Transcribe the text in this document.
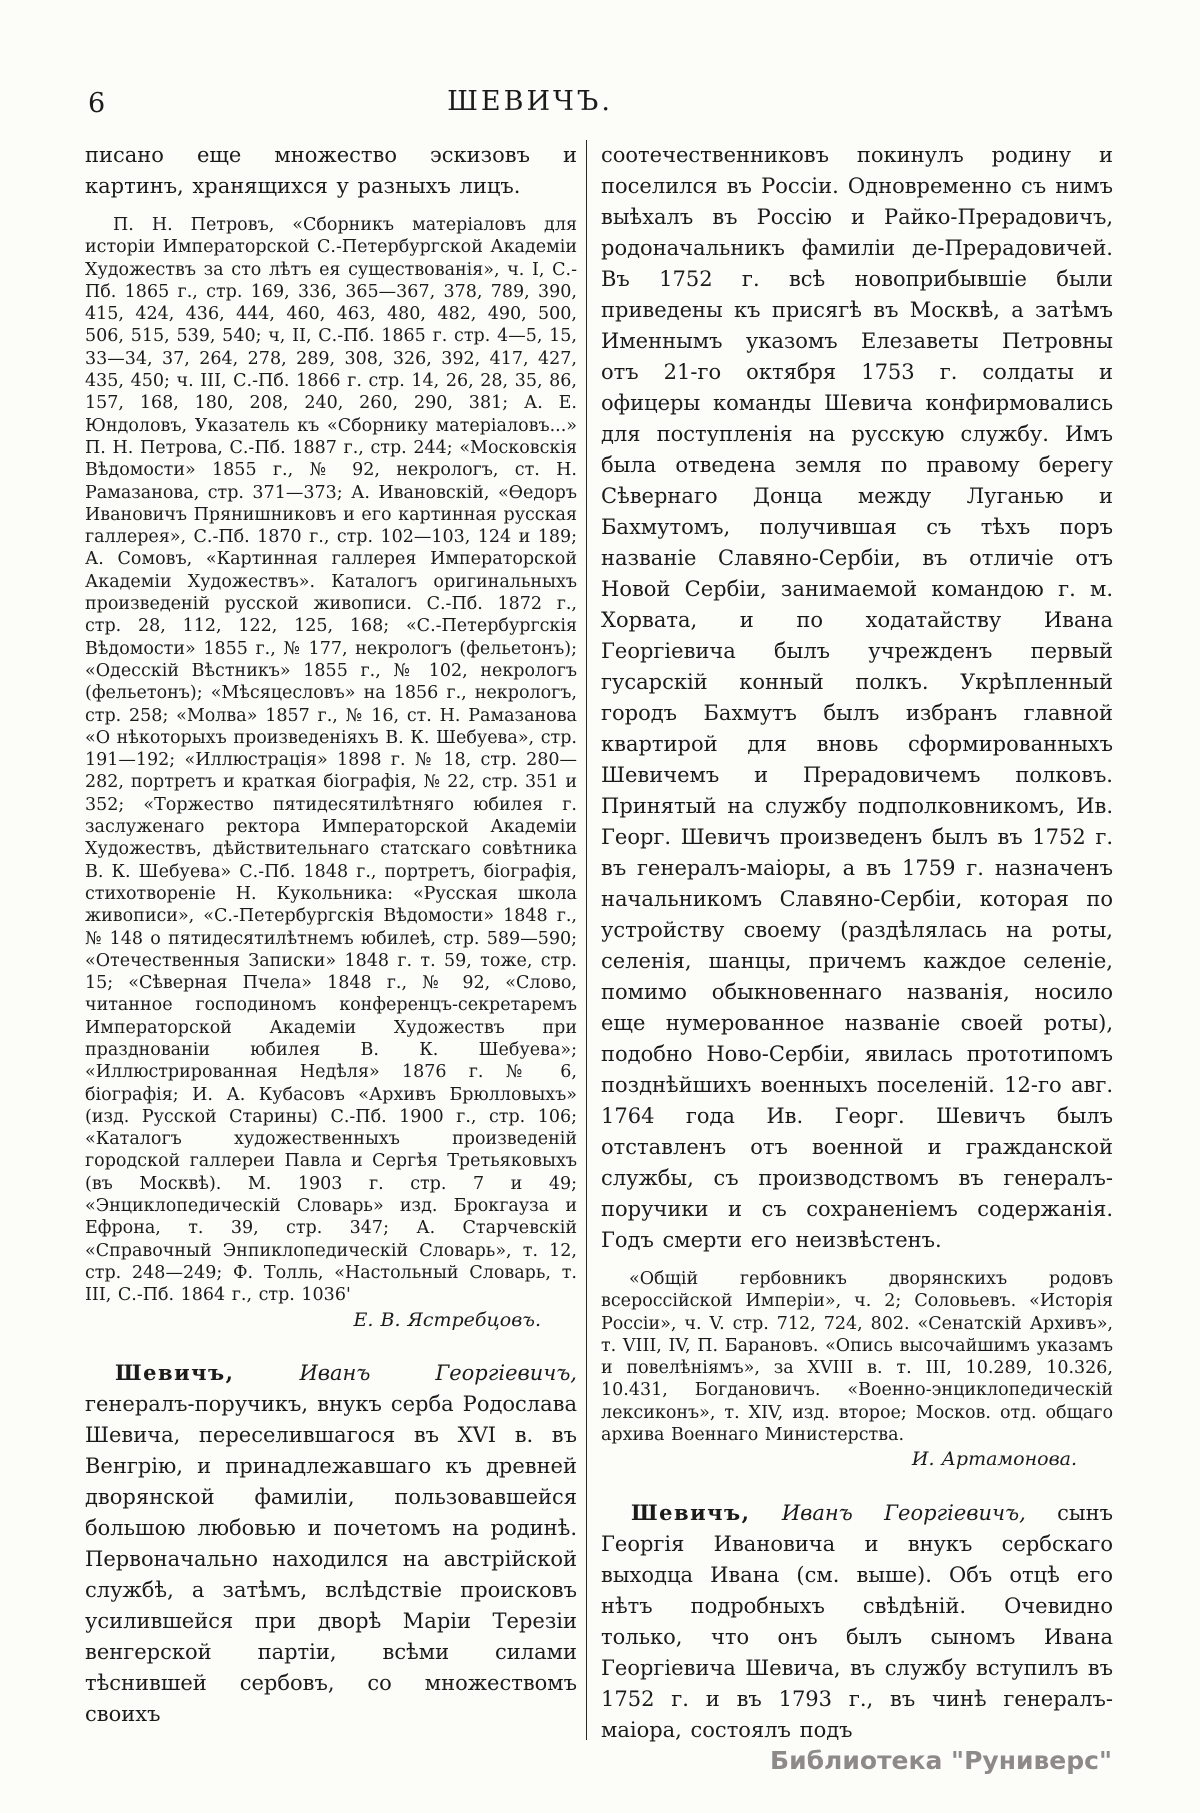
6	ШЕВИЧЪ.

писано еще множество эскизовъ и картинъ, хранящихся у разныхъ лицъ.

П. Н. Петровъ, «Сборникъ матеріаловъ для исторіи Императорской С.-Петербургской Академіи Художествъ за сто лѣтъ ея существованія», ч. I, С.-Пб. 1865 г., стр. 169, 336, 365—367, 378, 789, 390, 415, 424, 436, 444, 460, 463, 480, 482, 490, 500, 506, 515, 539, 540; ч, II, С.-Пб. 1865 г. стр. 4—5, 15, 33—34, 37, 264, 278, 289, 308, 326, 392, 417, 427, 435, 450; ч. III, С.-Пб. 1866 г. стр. 14, 26, 28, 35, 86, 157, 168, 180, 208, 240, 260, 290, 381; А. Е. Юндоловъ, Указатель къ «Сборнику матеріаловъ...» П. Н. Петрова, С.-Пб. 1887 г., стр. 244; «Московскія Вѣдомости» 1855 г., № 92, некрологъ, ст. Н. Рамазанова, стр. 371—373; А. Ивановскій, «Ѳедоръ Ивановичъ Прянишниковъ и его картинная русская галлерея», С.-Пб. 1870 г., стр. 102—103, 124 и 189; А. Сомовъ, «Картинная галлерея Императорской Академіи Художествъ». Каталогъ оригинальныхъ произведеній русской живописи. С.-Пб. 1872 г., стр. 28, 112, 122, 125, 168; «С.-Петербургскія Вѣдомости» 1855 г., № 177, некрологъ (фельетонъ); «Одесскій Вѣстникъ» 1855 г., № 102, некрологъ (фельетонъ); «Мѣсяцесловъ» на 1856 г., некрологъ, стр. 258; «Молва» 1857 г., № 16, ст. Н. Рамазанова «О нѣкоторыхъ произведеніяхъ В. К. Шебуева», стр. 191—192; «Иллюстрація» 1898 г. № 18, стр. 280—282, портретъ и краткая біографія, № 22, стр. 351 и 352; «Торжество пятидесятилѣтняго юбилея г. заслуженаго ректора Императорской Академіи Художествъ, дѣйствительнаго статскаго совѣтника В. К. Шебуева» С.-Пб. 1848 г., портретъ, біографія, стихотвореніе Н. Кукольника: «Русская школа живописи», «С.-Петербургскія Вѣдомости» 1848 г., № 148 о пятидесятилѣтнемъ юбилеѣ, стр. 589—590; «Отечественныя Записки» 1848 г. т. 59, тоже, стр. 15; «Сѣверная Пчела» 1848 г., № 92, «Слово, читанное господиномъ конференцъ-секретаремъ Императорской Академіи Художествъ при празднованіи юбилея В. К. Шебуева»; «Иллюстрированная Недѣля» 1876 г. № 6, біографія; И. А. Кубасовъ «Архивъ Брюлловыхъ» (изд. Русской Старины) С.-Пб. 1900 г., стр. 106; «Каталогъ художественныхъ произведеній городской галлереи Павла и Сергѣя Третьяковыхъ (въ Москвѣ). М. 1903 г. стр. 7 и 49; «Энциклопедическій Словарь» изд. Брокгауза и Ефрона, т. 39, стр. 347; А. Старчевскій «Справочный Энпиклопедическій Словарь», т. 12, стр. 248—249; Ф. Толль, «Настольный Словарь, т. III, С.-Пб. 1864 г., стр. 1036'

Е. В. Ястребцовъ.

Шевичъ, Иванъ Георгіевичъ, генералъ-поручикъ, внукъ серба Родослава Шевича, переселившагося въ XVI в. въ Венгрію, и принадлежавшаго къ древней дворянской фамиліи, пользовавшейся большою любовью и почетомъ на родинѣ. Первоначально находился на австрійской службѣ, а затѣмъ, вслѣдствіе происковъ усилившейся при дворѣ Маріи Терезіи венгерской партіи, всѣми силами тѣснившей сербовъ, со множествомъ своихъ

соотечественниковъ покинулъ родину и поселился въ Россіи. Одновременно съ нимъ выѣхалъ въ Россію и Райко-Прерадовичъ, родоначальникъ фамиліи де-Прерадовичей. Въ 1752 г. всѣ новоприбывшіе были приведены къ присягѣ въ Москвѣ, а затѣмъ Именнымъ указомъ Елезаветы Петровны отъ 21-го октября 1753 г. солдаты и офицеры команды Шевича конфирмовались для поступленія на русскую службу. Имъ была отведена земля по правому берегу Сѣвернаго Донца между Луганью и Бахмутомъ, получившая съ тѣхъ поръ названіе Славяно-Сербіи, въ отличіе отъ Новой Сербіи, занимаемой командою г. м. Хорвата, и по ходатайству Ивана Георгіевича былъ учрежденъ первый гусарскій конный полкъ. Укрѣпленный городъ Бахмутъ былъ избранъ главной квартирой для вновь сформированныхъ Шевичемъ и Прерадовичемъ полковъ. Принятый на службу подполковникомъ, Ив. Георг. Шевичъ произведенъ былъ въ 1752 г. въ генералъ-маіоры, а въ 1759 г. назначенъ начальникомъ Славяно-Сербіи, которая по устройству своему (раздѣлялась на роты, селенія, шанцы, причемъ каждое селеніе, помимо обыкновеннаго названія, носило еще нумерованное названіе своей роты), подобно Ново-Сербіи, явилась прототипомъ позднѣйшихъ военныхъ поселеній. 12-го авг. 1764 года Ив. Георг. Шевичъ былъ отставленъ отъ военной и гражданской службы, съ производствомъ въ генералъ-поручики и съ сохраненіемъ содержанія. Годъ смерти его неизвѣстенъ.

«Общій гербовникъ дворянскихъ родовъ всероссійской Имперіи», ч. 2; Соловьевъ. «Исторія Россіи», ч. V. стр. 712, 724, 802. «Сенатскій Архивъ», т. VIII, IV, П. Барановъ. «Опись высочайшимъ указамъ и повелѣніямъ», за XVIII в. т. III, 10.289, 10.326, 10.431, Богдановичъ. «Военно-энциклопедическій лексиконъ», т. XIV, изд. второе; Москов. отд. общаго архива Военнаго Министерства.

И. Артамонова.

Шевичъ, Иванъ Георгіевичъ, сынъ Георгія Ивановича и внукъ сербскаго выходца Ивана (см. выше). Объ отцѣ его нѣтъ подробныхъ свѣдѣній. Очевидно только, что онъ былъ сыномъ Ивана Георгіевича Шевича, въ службу вступилъ въ 1752 г. и въ 1793 г., въ чинѣ генералъ-маіора, состоялъ подъ

Библиотека "Руниверс"
